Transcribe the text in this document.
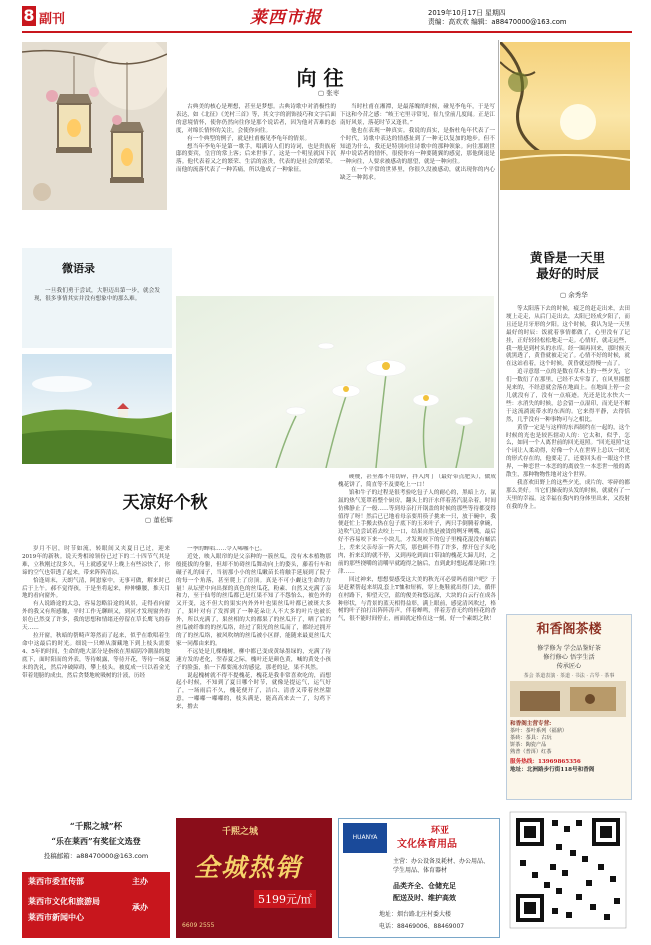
8 副刊	莱西市报	2019年10月17日 星期四
责编：高欢欢 编辑：a88470000@163.com
向 往
▢ 张枣

古典美的核心是理想，甚至是梦想。古典诗歌中对消极性的表达，如《北征》《羌村三首》等，其文字的润饰技巧和文字后面的意境情怀，使你仍然向往你是那个说话者，因为他对苦难的态度，对绵长情怀的关注，会使你向往。

有一个典型的例子，就是杜甫极见李龟年的情景。

想当年李龟年是第一歌手，唱满诗人们的诗词，也是贵族府邸的要宾，皇宫的常上客；后来世事了，这是一个明星就因下沉落。他代表着又之的繁荣、生活的富贵，代表的是社会的繁荣。而他的流落代表了一种苦痛，所以他成了一种象征。

当时杜甫在湘潭，是最落魄的时候，碰见李龟年，于是写下这和今昔之感：“岐王宅里寻常见，崔九堂前几度闻。正是江南好风景，落花时节又逢君。”

他也在表现一种真实。我说的真实，是指杜龟年代表了一个时代，诗歌中表达的情感扯到了一种无以复加的地步。但不知道为什么，我还是特别向往诗歌中的那种领象。向往那剧世界中说话者的情怀，很使你有一种要随翼的感觉，那他倒退是一种向往，人要求被感动的愿望，就是一种向往。

在一个平常的世界里，你很久没被感动，就出现你的内心缺乏一种渴求。

黄昏是一天里
最好的时辰
▢ 余秀华

等太阳落下去的时候，疲乏的赶走出来，去田埂上走走，从后门走出去，太阳已经成夕阳了，而且还是月牙形的夕阳。这个时候，我认为是一天里最好的时辰：饭就着事情都做了，心里没有了记挂，正好轻轻松松地走一走。心情好，就走远些，我一般是到村头的水库。经一圈再回来，那时候天就黑透了，黄昏就被走完了。心情不好的时候，就在这站看着，这个时候，黄昏就逗得慢一点了。

追寻意愿一点的是数在草木上的一些夕光，它们一数衍了在那里，已经不太牢靠了，在风里摇摆晃来的，不经意就会落在地面上。在地面上停一会儿就没有了，没有一点痕迹。光还是比水快大一些：水消失的时候，总会留一点湿印，而光是不解于这流淌流带水的东西的。它来得平静，去得恬然，几乎没有一种事物可与之相比。

黄昏一定是与这样的东西制约在一起的，这个时候的光也是较匹辖动人的：它太和，似乎，怎么，如同一个人离世前的回光返照。“回光返照”这个词让人柔动得，好像一个人在世界上总以一团光的形式存在的，他要走了，还要回头看一眼这个世界，一种恋世一本恋的的离放生一本恋世一般的离散生，那种物物性地对这个世界。

我喜欢田野上的这些夕光，成片的、零碎的都那么美好。当它们操夜的头发的时候，就就有了一天里的幸福。这幸福在我内的身体里出来，又投射在我的身上。

微语录

一旦我们勇于尝试，大胆迈出第一步，就会发现，很多事情其实并没有想象中的那么难。

天凉好个秋
▢ 董松辉

岁月不居，时节如流，转眼间又夹夏日已过，迎来2019年的新秋。说天秀相琼领份已过下的二十四节气其是难，立秋刚过没多久，马上就感觉早上晚上有些凉快了，你谛的空气也带透了起来，带来阵阵清凉。

恰逢周末，天朗气清，阿崽家中，无事可做，解来时已后于上午。郝不觉得孩，于是坐将起来，伸伸懒腰，推天目地的看向窗外。

有人说路途的太急，容易忽略沿途的风景，走得看向窗外的我又有所感触，平时工作无聊顾又，到河才发现窗外的景色已然变了许多，我的思想和情绪还停留在草长鹰飞的春天……

拉开窗，秋暗的帮畸声筹然而了起来，似乎在歌唱着生命中这最后的时光。细说一只蝉从溜藏地下到上枝头需要4、5年的时间，生命的绝大部分是指依在黑暗阴冷潮湿的地底下，面时阳而的外表，等待蜕露，等待开花，等待一场夏末的洗礼，然后冲破障碍，攀上枝头，被度成一只以着金光带着翅膀的成虫，然后贪婪地吮吸树的汁液，历经

一季的蝉唱……令人唏嘘不已。

近处，映入眼帘的是父亲种的一簇丝瓜，没有木本植物那般挺拔的身躯，但却不妨碍丝瓜舞动向上的姿头，藤着行车和碾子礼的园子，当初那小小的丝瓜嫩苗长将触手延展到了院子的每一个角落，甚至爬上了房顶。真是不可小觑这生命的力量！从坛壁中向出探的真色的丝瓜花，粉素、自然又充满了亲和力，至于仙萼的丝瓜都已是红果不知了不怨怡么，被色外的又开变，这不但大的果实内外外叶也果丝瓜叶都已被斑大多了，果叶对有了发挥到了一种花朵让人不大多的叶片也被长外，所以充满了，果丝相的大的都果了的丝瓜开了，晒了后的丝瓜被纤维的的丝瓜络，经过了阳光的丝瓜而了，都经过拥开的了的丝瓜络，被风吹纳的丝瓜被小区群，能随来最更丝瓜大家一同都由来的。

不远处是几棵槐树，柳中都已变成黄绿墨绿的，充满了待速方发的老化，翌春夏之际，槐叶还是颜色黄，喊的黄处小孩子的脸蛋，掐一下都要流水的感觉，那老的是，果不其然。

说起槐树就不得不提槐花，槐花是我非常喜欢吃的，而想起小时候，不知到了夏日哪个时节，就像是提运气，运气好了，一场雨后不久，槐花便开了，洁白、清香又带着丝丝甜意，一嘟嘟一嘟嘟的，枝头满是，能高高来去一了，勾鸡下来，撸去

硬梗，甚至都不用切碎，拌入肉丁（最好带点肥头），做成槐花饼了，简直等不及要吃上一口！

馅和牛子的过程是很考验吃包子人的耐心的，黑暗上方，氤氲的热气笼罩着整个厨房，翻头上的汗水伴着蒸汽混杂着，时间仿佛静止了一般……等到母亲打开锅盖的时候的那些等待都变得值得了呀！然后已已地看母亲要用筷子挑来一只，放于碗中，我便赶忙上手搬去热在包子底下的玉米叶子，两只手倒腾着拿碗，边吹气边尝试着去咬上一口，结果自然是被烫的咧牙咧嘴，最后好不容易咬下来一小块儿，才发现咬下的包子里槐花混没有蛹活上，差来父亲母亲一阵大笑，那也顾不得了许多，撑开包子头吃肉，折来幻的就不停，又到再吃到面口带油的槐花大蹄儿时，之前的那些挠嚼的清嚼早就跑得之脑后，直到此时想起都是满口生津……

回过神来，想想要感受这大美的秋光可必要吗看窗户吧？于是赶紧帮起来胡乱套上T恤和短裤，穿上拖鞋就出得门去，循伴在村路下，仰望天空，蓝的俊美和悠远深，大块的白云行在成各种形状，与背景的蓝天相得益彰，满上眼前，感觉清风吹过，格树的叶子拍打出阵阵涛声，伴着蝉鸣，伴着芳香无约的桂花的香气，很不能时间停止，画面就定格在这一刻，好一个素朗之秋！

和香阁茶楼
修学修为 学会品鉴好茶
修行修心 悟字生活
传承匠心
茶会 茶道表演 · 茶道 · 书法 · 古琴 · 茶事
和香阁主营专营:
茶叶：茶叶系列（福鼎）
茶砖：茶具：古玩
饼茶：陶瓷产品
熟普（普洱）红茶
服务热线：13969865356
地址：北洲路步行街118号和香阁
“千熙之城”杯
“乐在莱西”有奖征文选登
投稿邮箱：a88470000@163.com
莱西市委宣传部	主办
莱西市文化和旅游局
承办
莱西市新闻中心
千熙之城
全城热销
5199元/㎡
6609 2555
HUANYA
环亚
文化体育用品
主营：办公设备及耗材、办公用品、学生用品、体育器材
品类齐全、仓储充足
配送及时、维护高效
地址：烟台路北庄村委大楼
电话：88469006、88469007
